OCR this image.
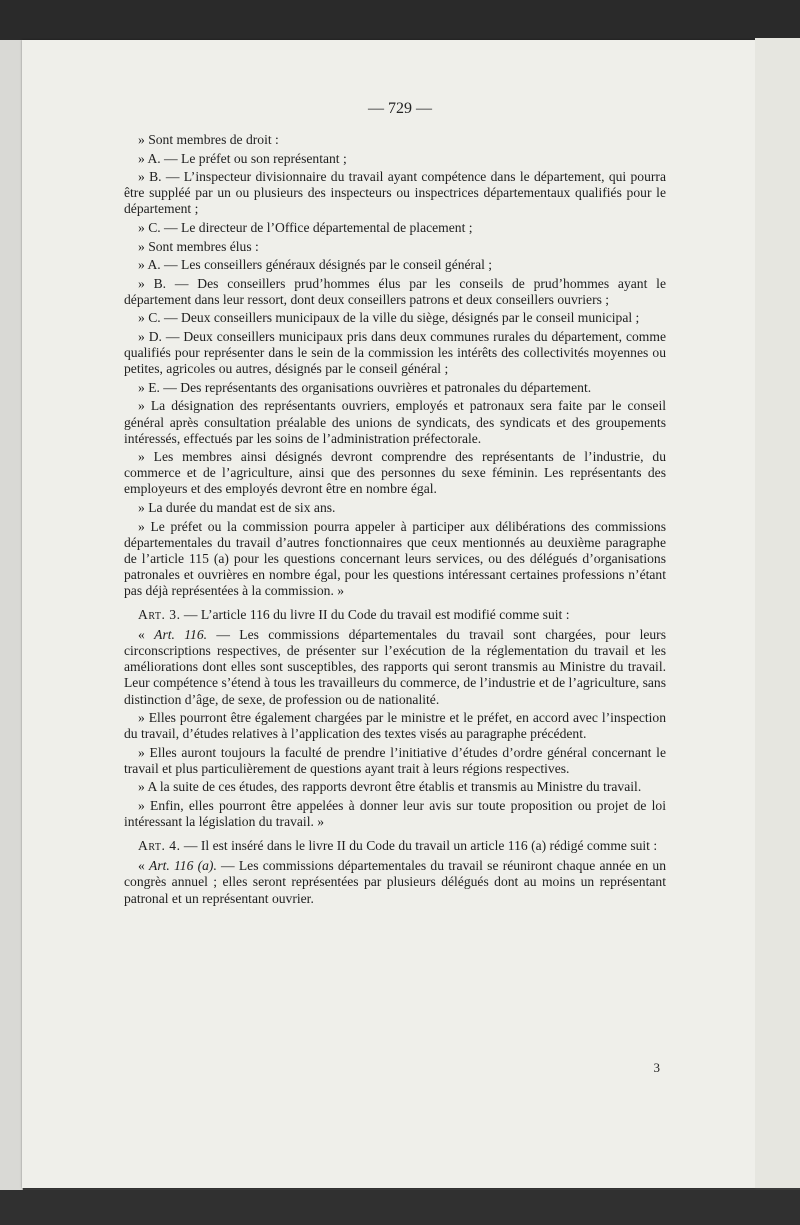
— 729 —

» Sont membres de droit :

» A. — Le préfet ou son représentant ;

» B. — L’inspecteur divisionnaire du travail ayant compétence dans le département, qui pourra être suppléé par un ou plusieurs des inspecteurs ou inspectrices départementaux qualifiés pour le département ;

» C. — Le directeur de l’Office départemental de placement ;

» Sont membres élus :

» A. — Les conseillers généraux désignés par le conseil général ;

» B. — Des conseillers prud’hommes élus par les conseils de prud’hommes ayant le département dans leur ressort, dont deux conseillers patrons et deux conseillers ouvriers ;

» C. — Deux conseillers municipaux de la ville du siège, désignés par le conseil municipal ;

» D. — Deux conseillers municipaux pris dans deux communes rurales du département, comme qualifiés pour représenter dans le sein de la commission les intérêts des collectivités moyennes ou petites, agricoles ou autres, désignés par le conseil général ;

» E. — Des représentants des organisations ouvrières et patronales du département.

» La désignation des représentants ouvriers, employés et patronaux sera faite par le conseil général après consultation préalable des unions de syndicats, des syndicats et des groupements intéressés, effectués par les soins de l’administration préfectorale.

» Les membres ainsi désignés devront comprendre des représentants de l’industrie, du commerce et de l’agriculture, ainsi que des personnes du sexe féminin. Les représentants des employeurs et des employés devront être en nombre égal.

» La durée du mandat est de six ans.

» Le préfet ou la commission pourra appeler à participer aux délibérations des commissions départementales du travail d’autres fonctionnaires que ceux mentionnés au deuxième paragraphe de l’article 115 (a) pour les questions concernant leurs services, ou des délégués d’organisations patronales et ouvrières en nombre égal, pour les questions intéressant certaines professions n’étant pas déjà représentées à la commission. »

Art. 3. — L’article 116 du livre II du Code du travail est modifié comme suit :

« Art. 116. — Les commissions départementales du travail sont chargées, pour leurs circonscriptions respectives, de présenter sur l’exécution de la réglementation du travail et les améliorations dont elles sont susceptibles, des rapports qui seront transmis au Ministre du travail. Leur compétence s’étend à tous les travailleurs du commerce, de l’industrie et de l’agriculture, sans distinction d’âge, de sexe, de profession ou de nationalité.

» Elles pourront être également chargées par le ministre et le préfet, en accord avec l’inspection du travail, d’études relatives à l’application des textes visés au paragraphe précédent.

» Elles auront toujours la faculté de prendre l’initiative d’études d’ordre général concernant le travail et plus particulièrement de questions ayant trait à leurs régions respectives.

» A la suite de ces études, des rapports devront être établis et transmis au Ministre du travail.

» Enfin, elles pourront être appelées à donner leur avis sur toute proposition ou projet de loi intéressant la législation du travail. »

Art. 4. — Il est inséré dans le livre II du Code du travail un article 116 (a) rédigé comme suit :

« Art. 116 (a). — Les commissions départementales du travail se réuniront chaque année en un congrès annuel ; elles seront représentées par plusieurs délégués dont au moins un représentant patronal et un représentant ouvrier.

3
